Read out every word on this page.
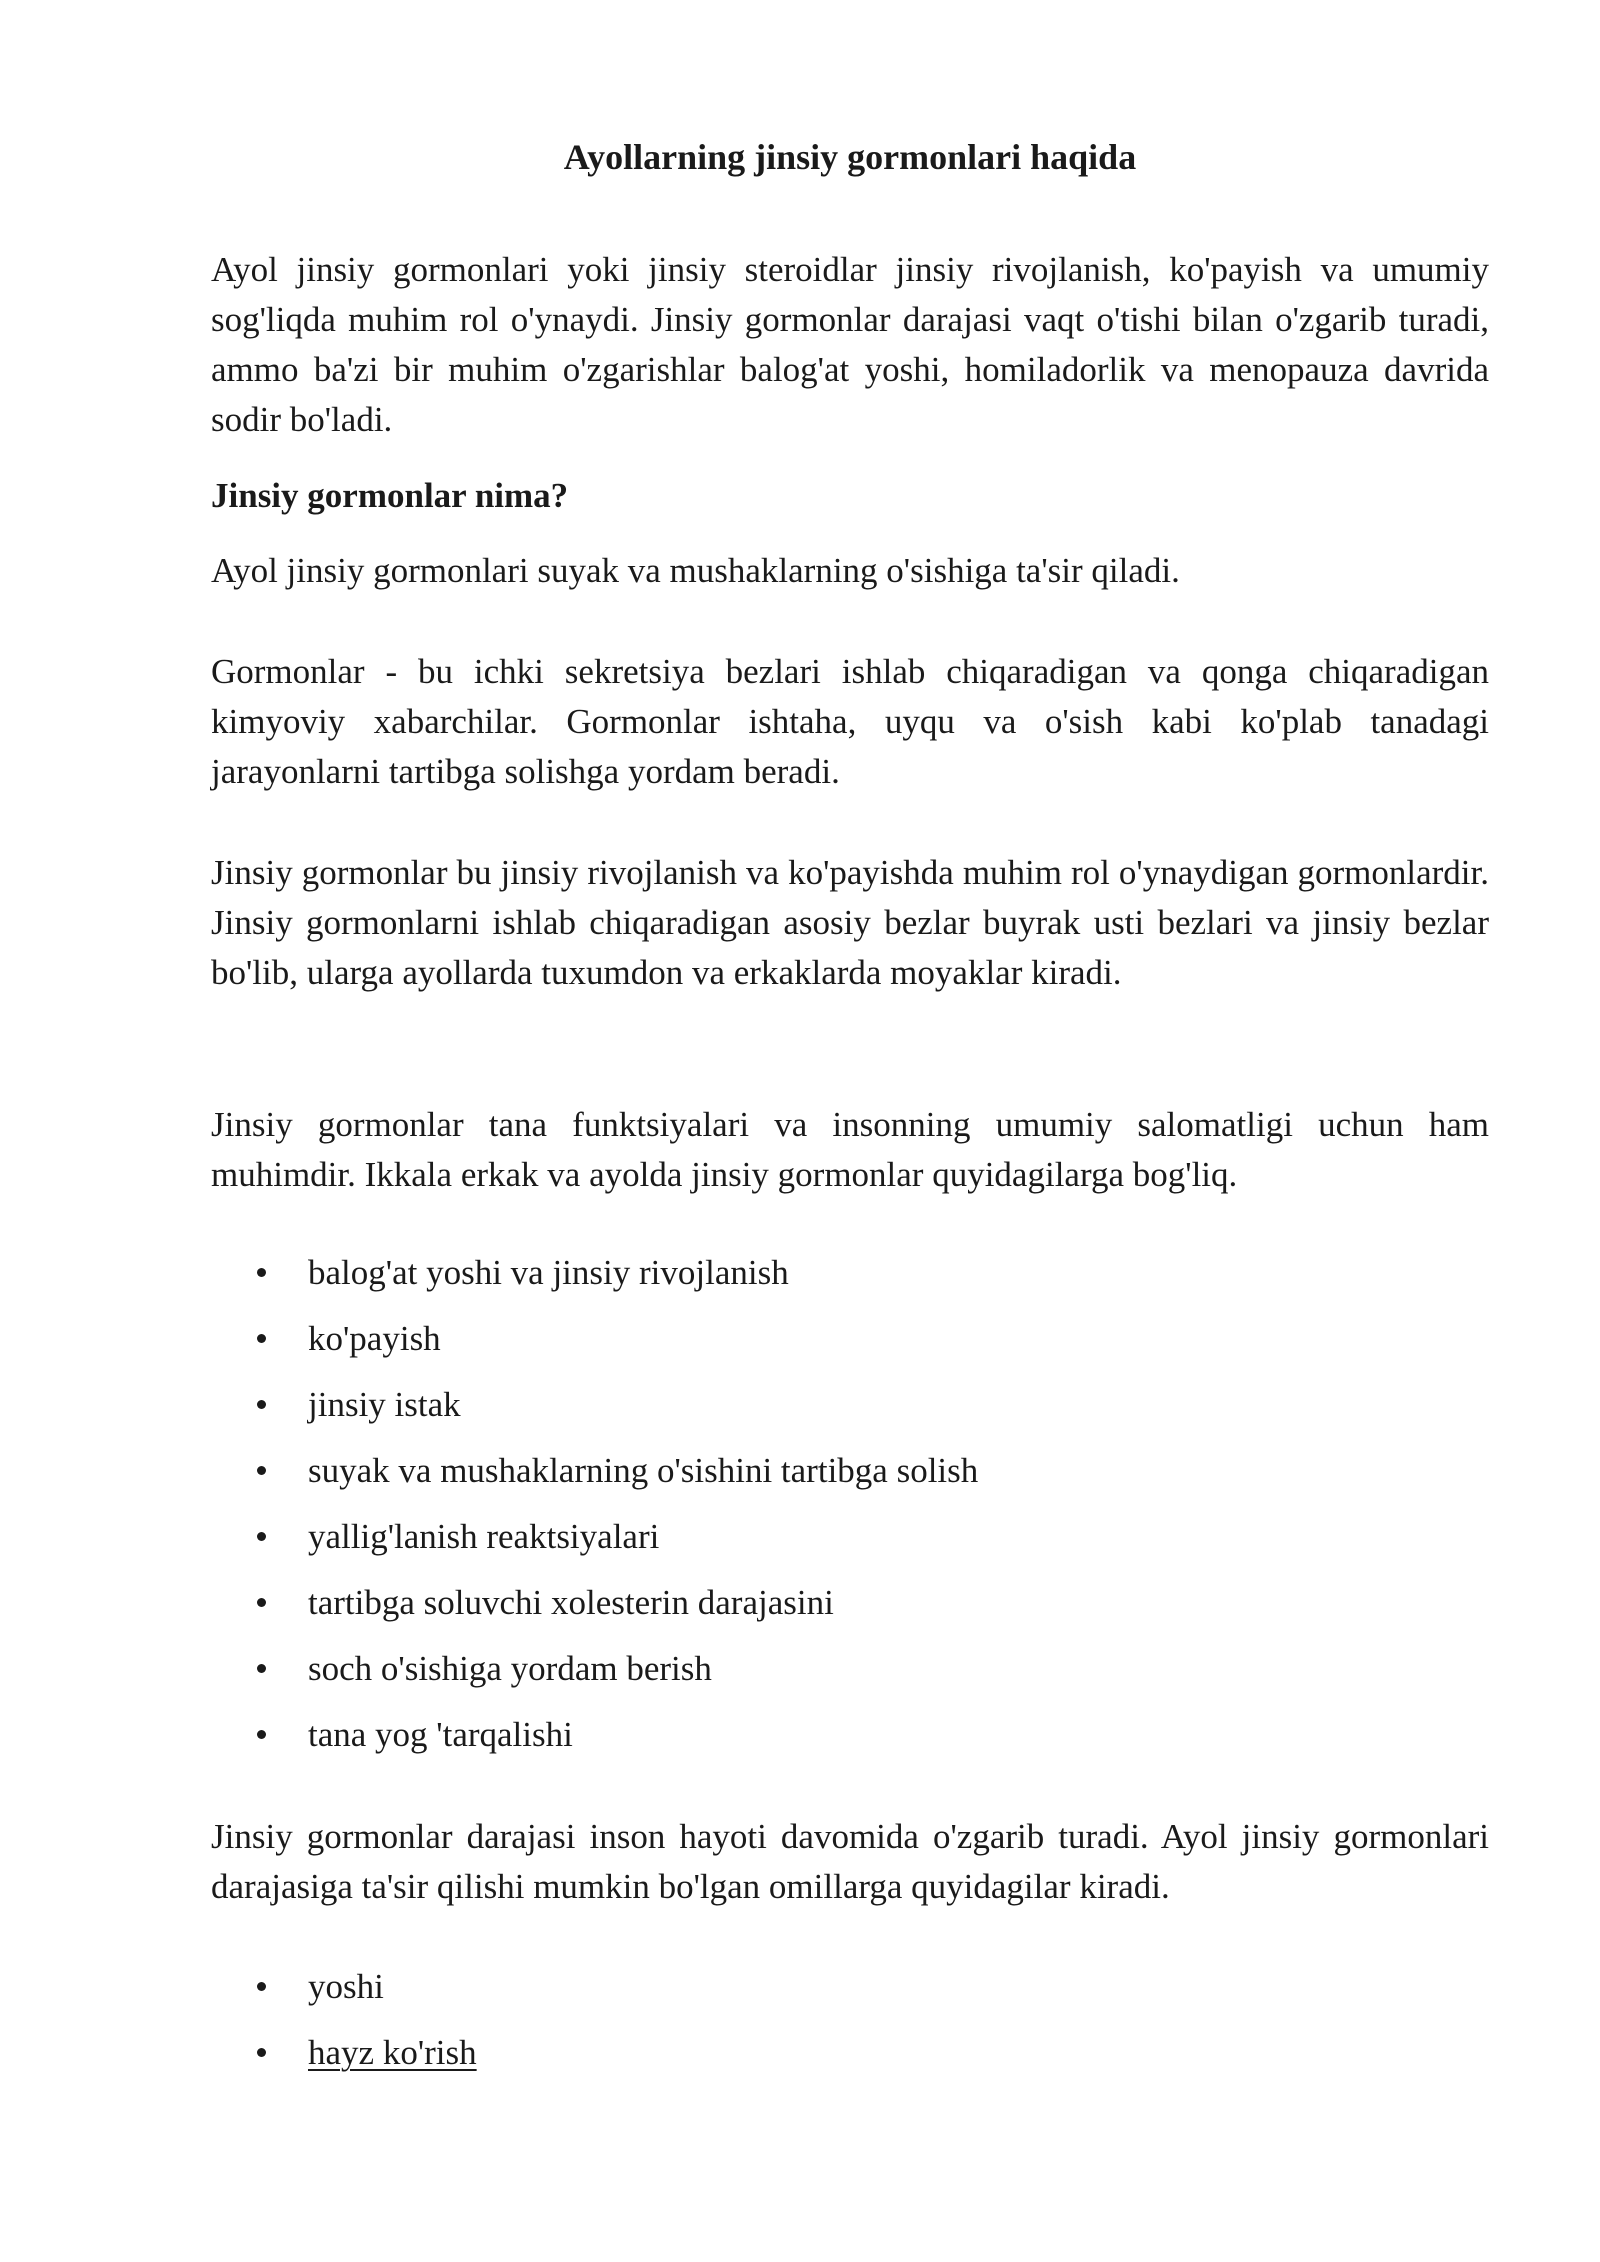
Ayollarning jinsiy gormonlari haqida

Ayol jinsiy gormonlari yoki jinsiy steroidlar jinsiy rivojlanish, ko'payish va umumiy sog'liqda muhim rol o'ynaydi. Jinsiy gormonlar darajasi vaqt o'tishi bilan o'zgarib turadi, ammo ba'zi bir muhim o'zgarishlar balog'at yoshi, homiladorlik va menopauza davrida sodir bo'ladi.

Jinsiy gormonlar nima?

Ayol jinsiy gormonlari suyak va mushaklarning o'sishiga ta'sir qiladi.

Gormonlar - bu ichki sekretsiya bezlari ishlab chiqaradigan va qonga chiqaradigan kimyoviy xabarchilar. Gormonlar ishtaha, uyqu va o'sish kabi ko'plab tanadagi jarayonlarni tartibga solishga yordam beradi.

Jinsiy gormonlar bu jinsiy rivojlanish va ko'payishda muhim rol o'ynaydigan gormonlardir. Jinsiy gormonlarni ishlab chiqaradigan asosiy bezlar buyrak usti bezlari va jinsiy bezlar bo'lib, ularga ayollarda tuxumdon va erkaklarda moyaklar kiradi.

Jinsiy gormonlar tana funktsiyalari va insonning umumiy salomatligi uchun ham muhimdir. Ikkala erkak va ayolda jinsiy gormonlar quyidagilarga bog'liq.

balog'at yoshi va jinsiy rivojlanish
ko'payish
jinsiy istak
suyak va mushaklarning o'sishini tartibga solish
yallig'lanish reaktsiyalari
tartibga soluvchi xolesterin darajasini
soch o'sishiga yordam berish
tana yog 'tarqalishi

Jinsiy gormonlar darajasi inson hayoti davomida o'zgarib turadi. Ayol jinsiy gormonlari darajasiga ta'sir qilishi mumkin bo'lgan omillarga quyidagilar kiradi.

yoshi
hayz ko'rish
